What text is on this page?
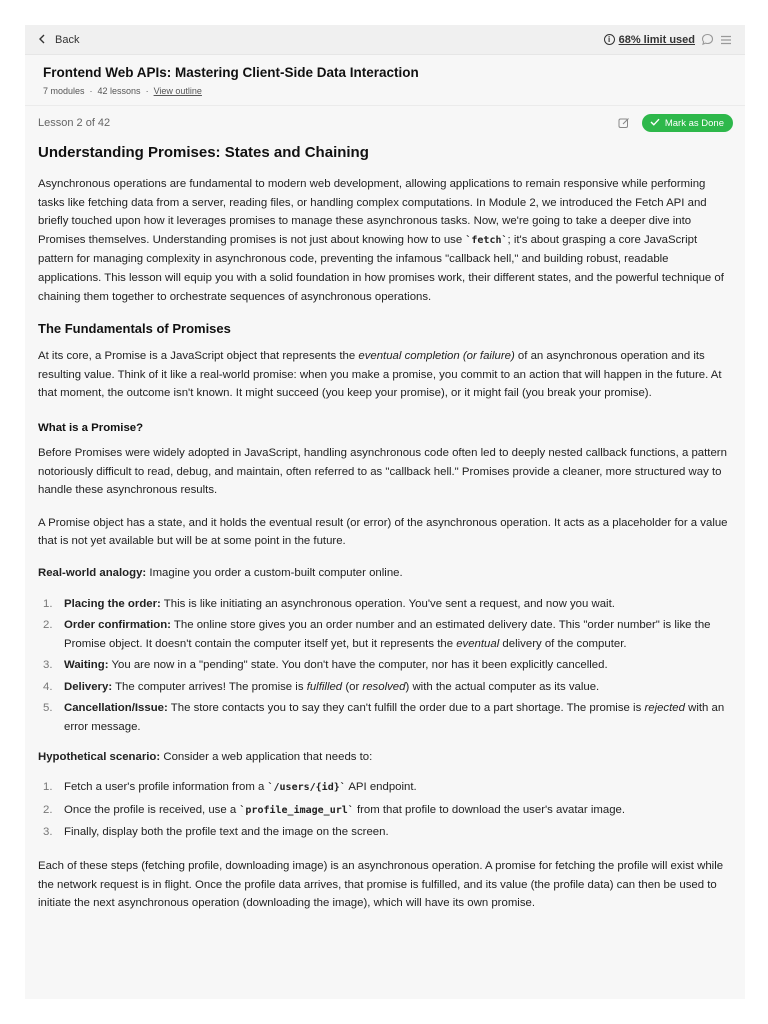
Back	i 68% limit used
Frontend Web APIs: Mastering Client-Side Data Interaction
7 modules · 42 lessons · View outline
Lesson 2 of 42	Mark as Done
Understanding Promises: States and Chaining

Asynchronous operations are fundamental to modern web development, allowing applications to remain responsive while performing tasks like fetching data from a server, reading files, or handling complex computations. In Module 2, we introduced the Fetch API and briefly touched upon how it leverages promises to manage these asynchronous tasks. Now, we're going to take a deeper dive into Promises themselves. Understanding promises is not just about knowing how to use `fetch`; it's about grasping a core JavaScript pattern for managing complexity in asynchronous code, preventing the infamous "callback hell," and building robust, readable applications. This lesson will equip you with a solid foundation in how promises work, their different states, and the powerful technique of chaining them together to orchestrate sequences of asynchronous operations.

The Fundamentals of Promises

At its core, a Promise is a JavaScript object that represents the eventual completion (or failure) of an asynchronous operation and its resulting value. Think of it like a real-world promise: when you make a promise, you commit to an action that will happen in the future. At that moment, the outcome isn't known. It might succeed (you keep your promise), or it might fail (you break your promise).

What is a Promise?

Before Promises were widely adopted in JavaScript, handling asynchronous code often led to deeply nested callback functions, a pattern notoriously difficult to read, debug, and maintain, often referred to as "callback hell." Promises provide a cleaner, more structured way to handle these asynchronous results.

A Promise object has a state, and it holds the eventual result (or error) of the asynchronous operation. It acts as a placeholder for a value that is not yet available but will be at some point in the future.

Real-world analogy: Imagine you order a custom-built computer online.

1.	Placing the order: This is like initiating an asynchronous operation. You've sent a request, and now you wait.
2.	Order confirmation: The online store gives you an order number and an estimated delivery date. This "order number" is like the Promise object. It doesn't contain the computer itself yet, but it represents the eventual delivery of the computer.
3.	Waiting: You are now in a "pending" state. You don't have the computer, nor has it been explicitly cancelled.
4.	Delivery: The computer arrives! The promise is fulfilled (or resolved) with the actual computer as its value.
5.	Cancellation/Issue: The store contacts you to say they can't fulfill the order due to a part shortage. The promise is rejected with an error message.

Hypothetical scenario: Consider a web application that needs to:

1.	Fetch a user's profile information from a `/users/{id}` API endpoint.
2.	Once the profile is received, use a `profile_image_url` from that profile to download the user's avatar image.
3.	Finally, display both the profile text and the image on the screen.

Each of these steps (fetching profile, downloading image) is an asynchronous operation. A promise for fetching the profile will exist while the network request is in flight. Once the profile data arrives, that promise is fulfilled, and its value (the profile data) can then be used to initiate the next asynchronous operation (downloading the image), which will have its own promise.
